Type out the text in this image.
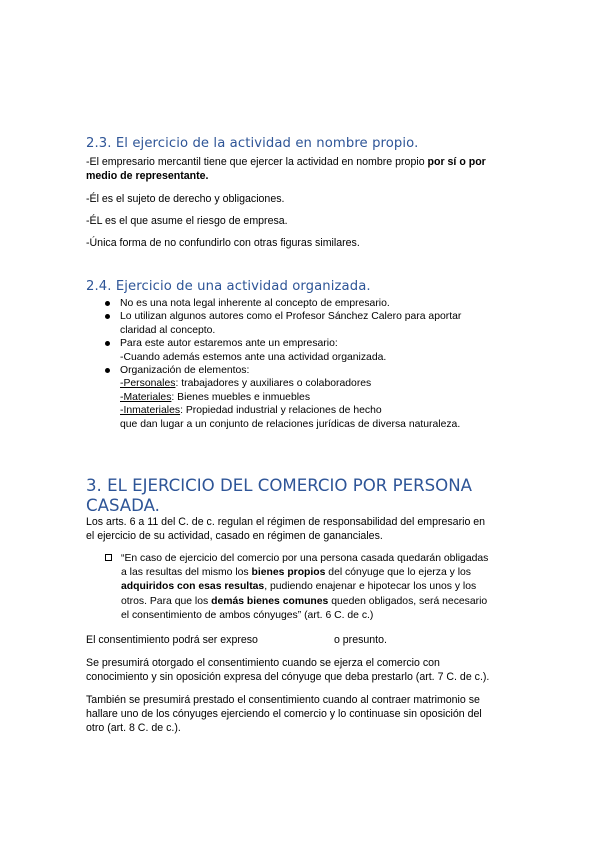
2.3. El ejercicio de la actividad en nombre propio.

-El empresario mercantil tiene que ejercer la actividad en nombre propio por sí o por

medio de representante.

-Él es el sujeto de derecho y obligaciones.

-ÉL es el que asume el riesgo de empresa.

-Única forma de no confundirlo con otras figuras similares.

2.4. Ejercicio de una actividad organizada.
No es una nota legal inherente al concepto de empresario.
Lo utilizan algunos autores como el Profesor Sánchez Calero para aportar
claridad al concepto.
Para este autor estaremos ante un empresario:
-Cuando además estemos ante una actividad organizada.
Organización de elementos:
-Personales: trabajadores y auxiliares o colaboradores
-Materiales: Bienes muebles e inmuebles
-Inmateriales: Propiedad industrial y relaciones de hecho
que dan lugar a un conjunto de relaciones jurídicas de diversa naturaleza.
3. EL EJERCICIO DEL COMERCIO POR PERSONA
CASADA.

Los arts. 6 a 11 del C. de c. regulan el régimen de responsabilidad del empresario en

el ejercicio de su actividad, casado en régimen de gananciales.

“En caso de ejercicio del comercio por una persona casada quedarán obligadas
a las resultas del mismo los bienes propios del cónyuge que lo ejerza y los
adquiridos con esas resultas, pudiendo enajenar e hipotecar los unos y los
otros. Para que los demás bienes comunes queden obligados, será necesario
el consentimiento de ambos cónyuges” (art. 6 C. de c.)

El consentimiento podrá ser expreso	o presunto.

Se presumirá otorgado el consentimiento cuando se ejerza el comercio con

conocimiento y sin oposición expresa del cónyuge que deba prestarlo (art. 7 C. de c.).

También se presumirá prestado el consentimiento cuando al contraer matrimonio se

hallare uno de los cónyuges ejerciendo el comercio y lo continuase sin oposición del

otro (art. 8 C. de c.).
